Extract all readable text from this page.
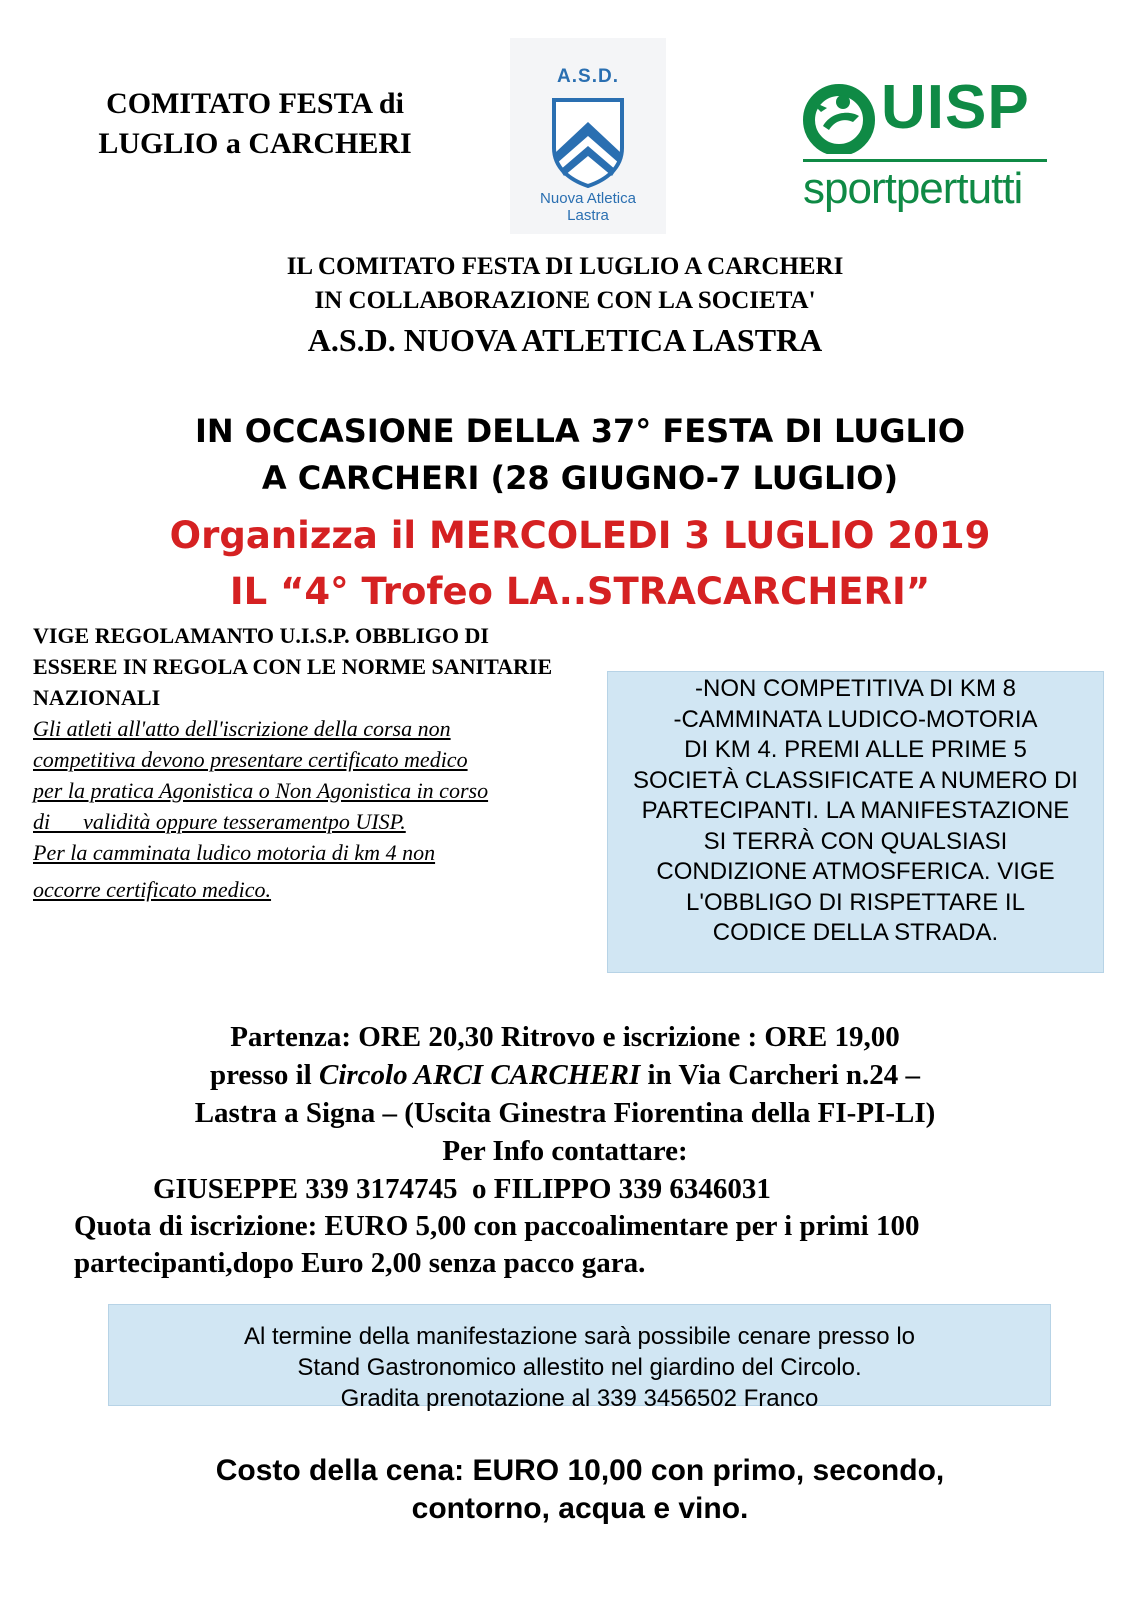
COMITATO FESTA di
LUGLIO a CARCHERI
A.S.D.
Nuova Atletica
Lastra
UISP
sportpertutti
IL COMITATO FESTA DI LUGLIO A CARCHERI
IN COLLABORAZIONE CON LA SOCIETA'
A.S.D. NUOVA ATLETICA LASTRA
IN OCCASIONE DELLA 37° FESTA DI LUGLIO
A CARCHERI (28 GIUGNO-7 LUGLIO)
Organizza il MERCOLEDI 3 LUGLIO 2019
IL “4° Trofeo LA..STRACARCHERI”
VIGE REGOLAMANTO U.I.S.P. OBBLIGO DI
ESSERE IN REGOLA CON LE NORME SANITARIE
NAZIONALI
Gli atleti all'atto dell'iscrizione della corsa non
competitiva devono presentare certificato medico
per la pratica Agonistica o Non Agonistica in corso
di      validità oppure tesseramentpo UISP.
Per la camminata ludico motoria di km 4 non
occorre certificato medico.
-NON COMPETITIVA DI KM 8
-CAMMINATA LUDICO-MOTORIA
DI KM 4. PREMI ALLE PRIME 5
SOCIETÀ CLASSIFICATE A NUMERO DI
PARTECIPANTI. LA MANIFESTAZIONE
SI TERRÀ CON QUALSIASI
CONDIZIONE ATMOSFERICA. VIGE
L'OBBLIGO DI RISPETTARE IL
CODICE DELLA STRADA.
Partenza: ORE 20,30 Ritrovo e iscrizione : ORE 19,00
presso il Circolo ARCI CARCHERI in Via Carcheri n.24 –
Lastra a Signa – (Uscita Ginestra Fiorentina della FI-PI-LI)
Per Info contattare:
GIUSEPPE 339 3174745  o FILIPPO 339 6346031
Quota di iscrizione: EURO 5,00 con paccoalimentare per i primi 100
partecipanti,dopo Euro 2,00 senza pacco gara.
Al termine della manifestazione sarà possibile cenare presso lo
Stand Gastronomico allestito nel giardino del Circolo.
Gradita prenotazione al 339 3456502 Franco
Costo della cena: EURO 10,00 con primo, secondo,
contorno, acqua e vino.
